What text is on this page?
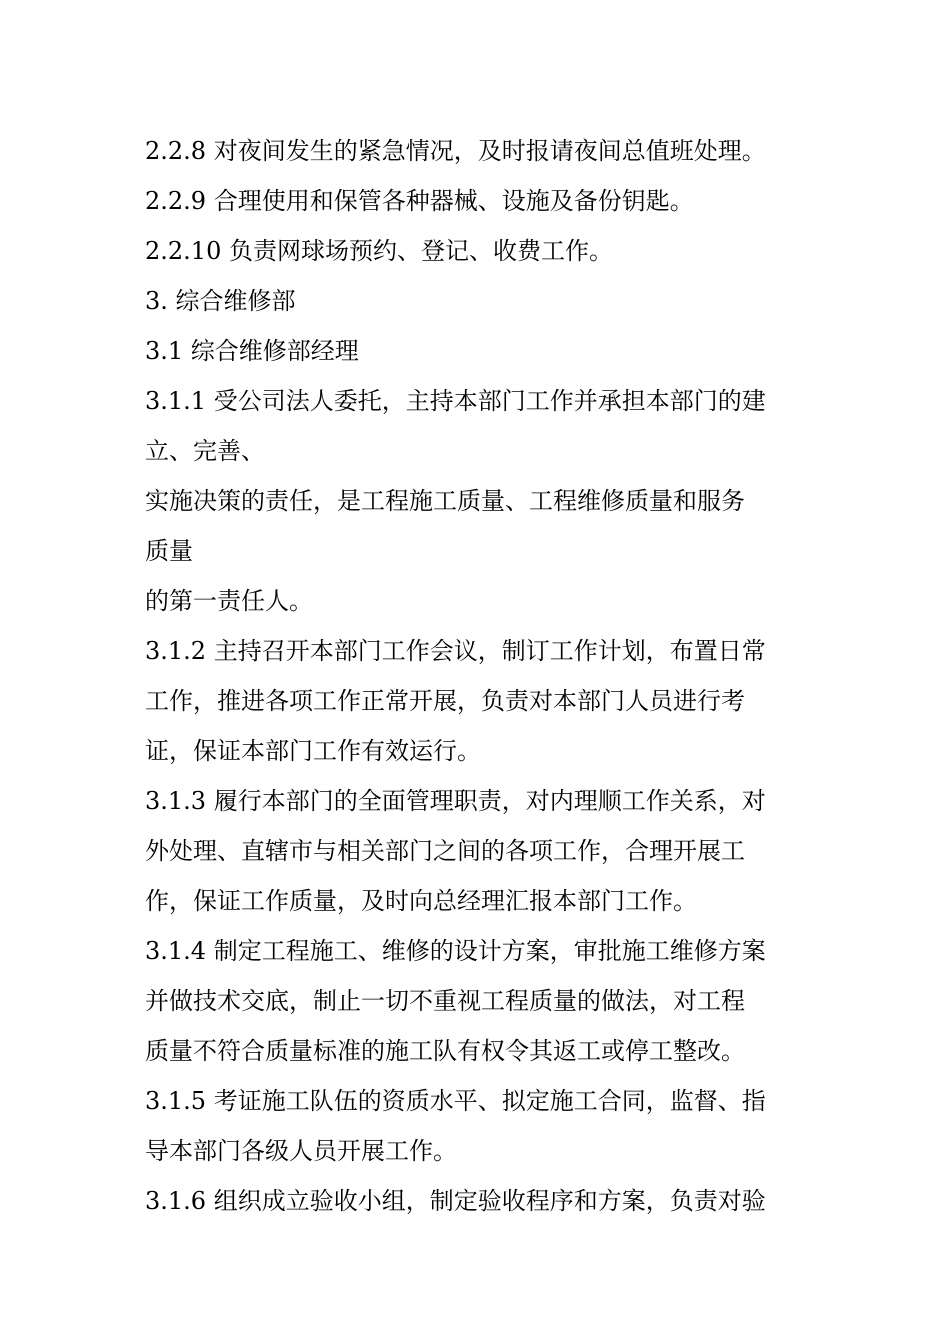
2.2.8 对夜间发生的紧急情况，及时报请夜间总值班处理。
2.2.9 合理使用和保管各种器械、设施及备份钥匙。
2.2.10 负责网球场预约、登记、收费工作。
3. 综合维修部
3.1 综合维修部经理
3.1.1 受公司法人委托，主持本部门工作并承担本部门的建
立、完善、
实施决策的责任，是工程施工质量、工程维修质量和服务
质量
的第一责任人。
3.1.2 主持召开本部门工作会议，制订工作计划，布置日常
工作，推进各项工作正常开展，负责对本部门人员进行考
证，保证本部门工作有效运行。
3.1.3 履行本部门的全面管理职责，对内理顺工作关系，对
外处理、直辖市与相关部门之间的各项工作，合理开展工
作，保证工作质量，及时向总经理汇报本部门工作。
3.1.4 制定工程施工、维修的设计方案，审批施工维修方案
并做技术交底，制止一切不重视工程质量的做法，对工程
质量不符合质量标准的施工队有权令其返工或停工整改。
3.1.5 考证施工队伍的资质水平、拟定施工合同，监督、指
导本部门各级人员开展工作。
3.1.6 组织成立验收小组，制定验收程序和方案，负责对验
